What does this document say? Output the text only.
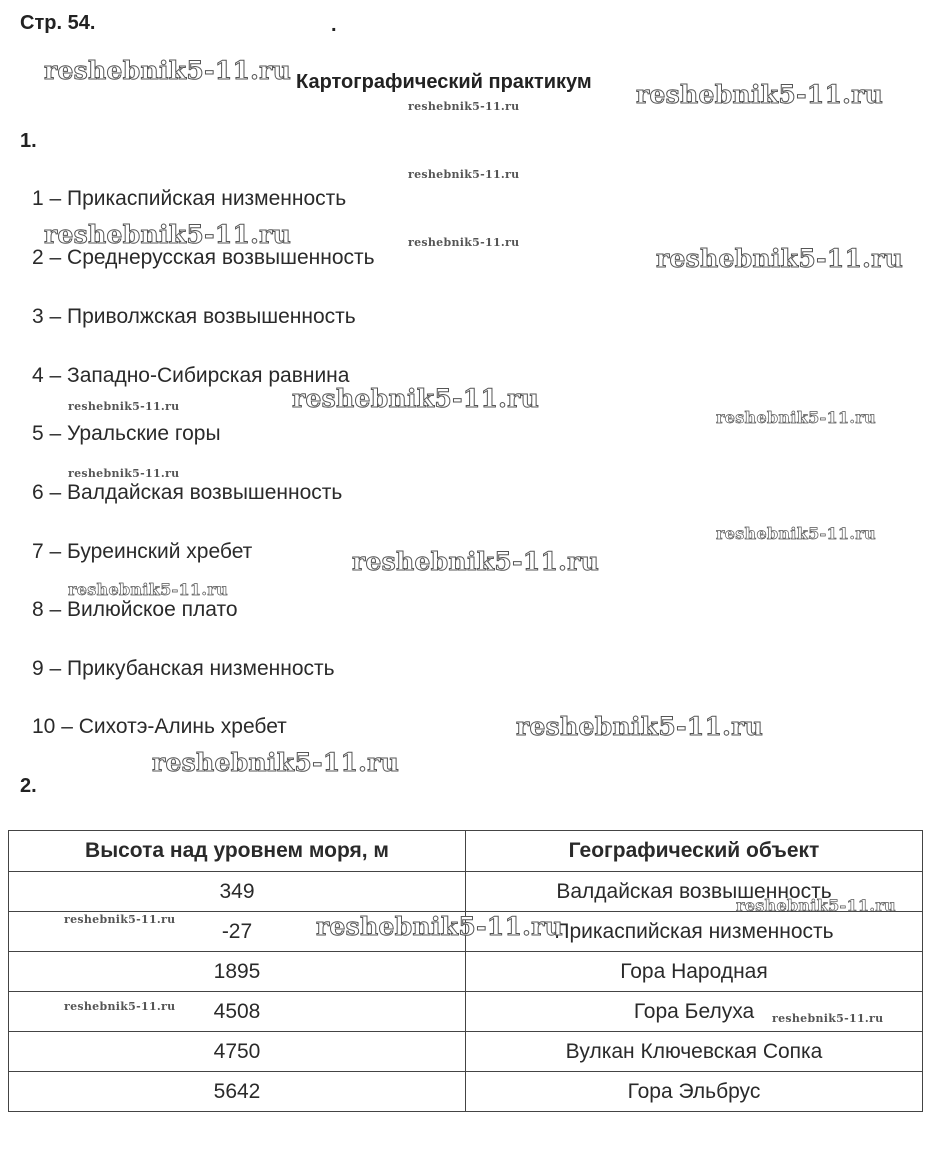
Стр. 54.	.
Картографический практикум
1.
1 – Прикаспийская низменность
2 – Среднерусская возвышенность
3 – Приволжская возвышенность
4 – Западно-Сибирская равнина
5 – Уральские горы
6 – Валдайская возвышенность
7 – Буреинский хребет
8 – Вилюйское плато
9 – Прикубанская низменность
10 – Сихотэ-Алинь хребет
2.
Высота над уровнем моря, м	Географический объект
349	Валдайская возвышенность
-27	Прикаспийская низменность
1895	Гора Народная
4508	Гора Белуха
4750	Вулкан Ключевская Сопка
5642	Гора Эльбрус
reshebnik5-11.ru
reshebnik5-11.ru
reshebnik5-11.ru
reshebnik5-11.ru
reshebnik5-11.ru	reshebnik5-11.ru
reshebnik5-11.ru
reshebnik5-11.ru
reshebnik5-11.ru
reshebnik5-11.ru
reshebnik5-11.ru
reshebnik5-11.ru
reshebnik5-11.ru
reshebnik5-11.ru
reshebnik5-11.ru
reshebnik5-11.ru
reshebnik5-11.ru
reshebnik5-11.ru	reshebnik5-11.ru
reshebnik5-11.ru
reshebnik5-11.ru
